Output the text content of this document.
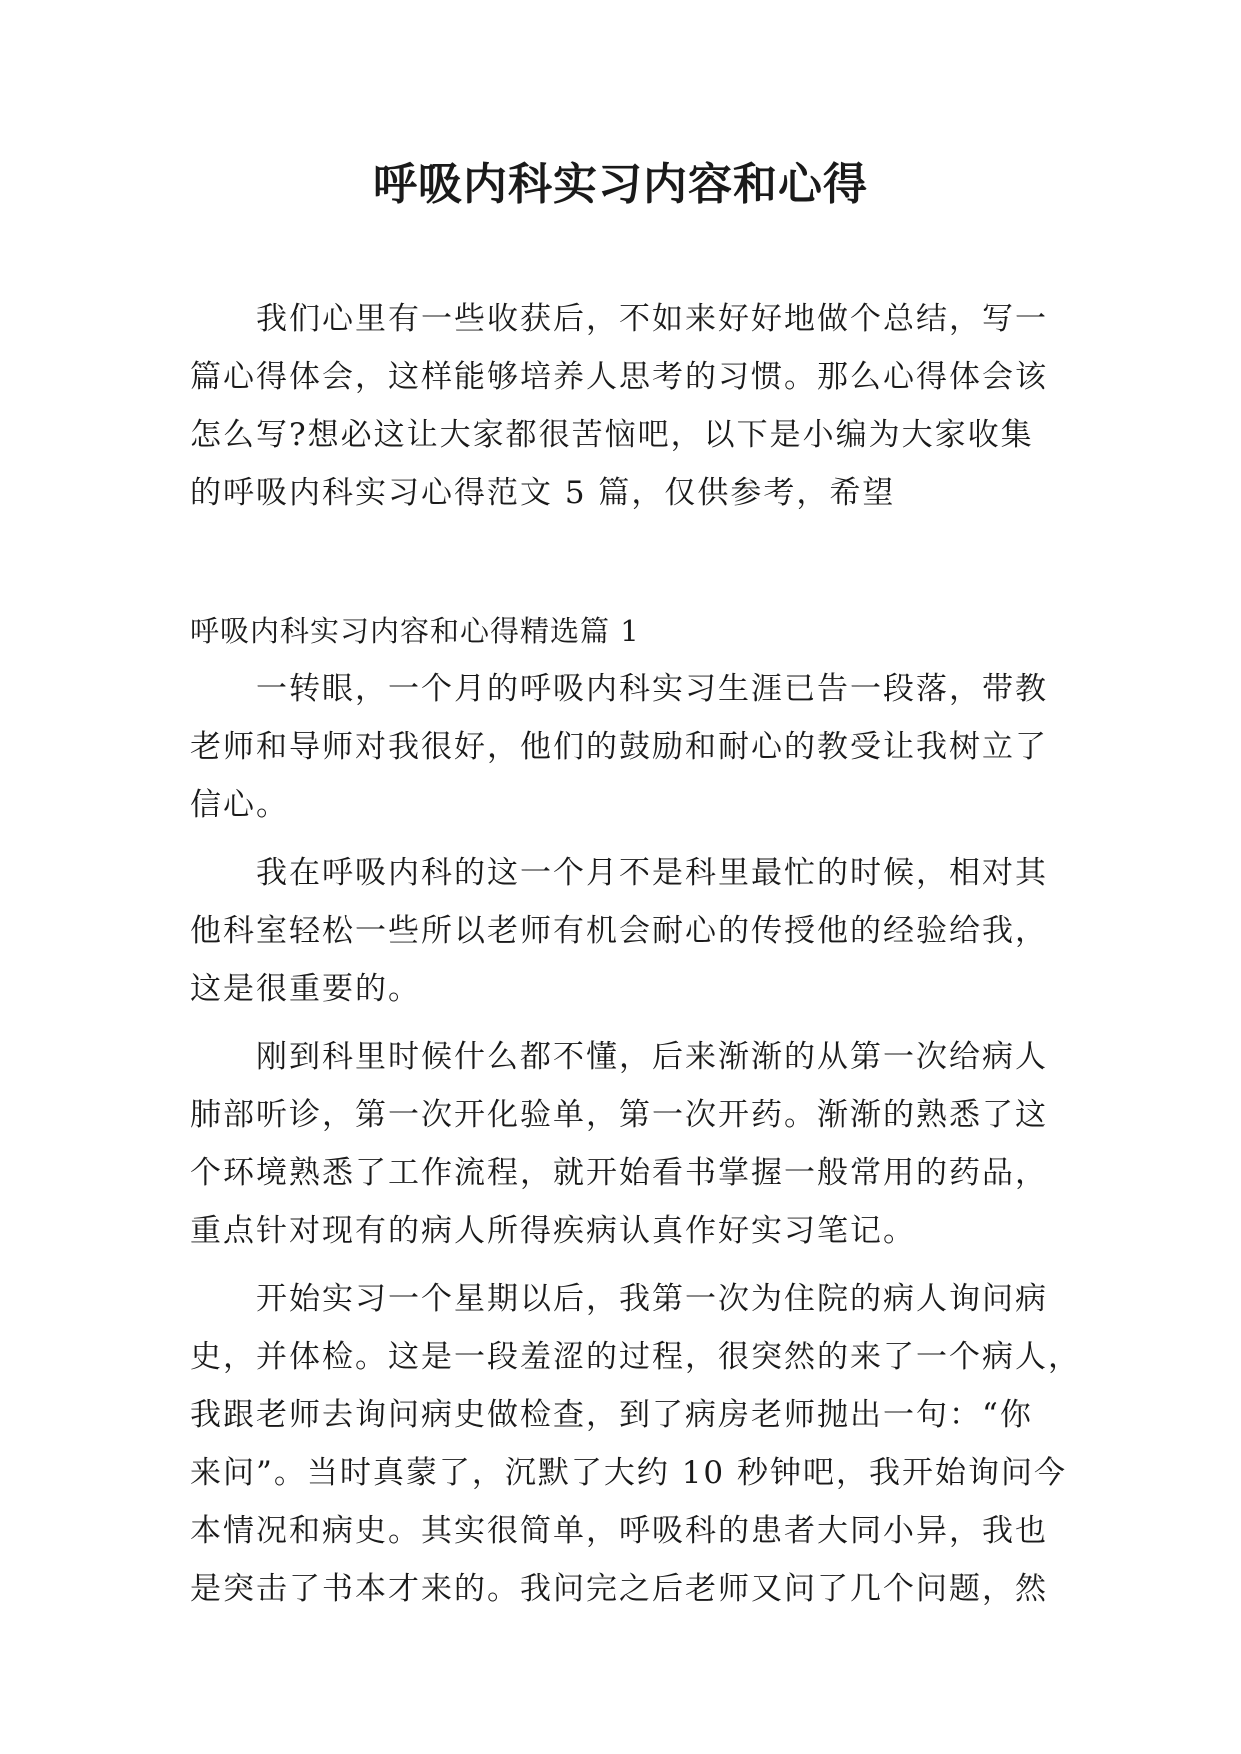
呼吸内科实习内容和心得
我们心里有一些收获后，不如来好好地做个总结，写一
篇心得体会，这样能够培养人思考的习惯。那么心得体会该
怎么写?想必这让大家都很苦恼吧，以下是小编为大家收集
的呼吸内科实习心得范文 5 篇，仅供参考，希望
呼吸内科实习内容和心得精选篇 1
一转眼，一个月的呼吸内科实习生涯已告一段落，带教
老师和导师对我很好，他们的鼓励和耐心的教受让我树立了
信心。
我在呼吸内科的这一个月不是科里最忙的时候，相对其
他科室轻松一些所以老师有机会耐心的传授他的经验给我，
这是很重要的。
刚到科里时候什么都不懂，后来渐渐的从第一次给病人
肺部听诊，第一次开化验单，第一次开药。渐渐的熟悉了这
个环境熟悉了工作流程，就开始看书掌握一般常用的药品，
重点针对现有的病人所得疾病认真作好实习笔记。
开始实习一个星期以后，我第一次为住院的病人询问病
史，并体检。这是一段羞涩的过程，很突然的来了一个病人，
我跟老师去询问病史做检查，到了病房老师抛出一句：“你
来问”。当时真蒙了，沉默了大约 10 秒钟吧，我开始询问今
本情况和病史。其实很简单，呼吸科的患者大同小异，我也
是突击了书本才来的。我问完之后老师又问了几个问题，然
